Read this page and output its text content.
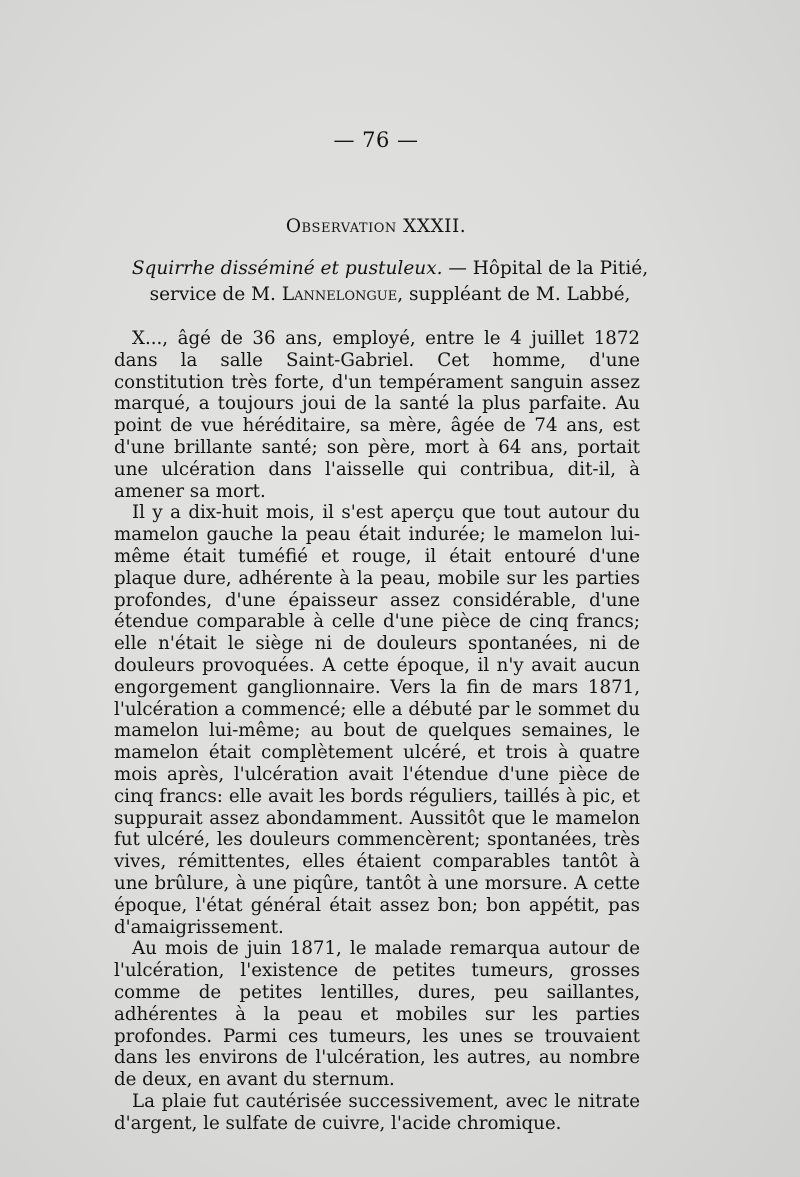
— 76 —
Observation XXXII.
Squirrhe disséminé et pustuleux. — Hôpital de la Pitié,
service de M. Lannelongue, suppléant de M. Labbé,

X..., âgé de 36 ans, employé, entre le 4 juillet 1872 dans la salle Saint-Gabriel. Cet homme, d'une constitution très forte, d'un tempérament sanguin assez marqué, a toujours joui de la santé la plus parfaite. Au point de vue héréditaire, sa mère, âgée de 74 ans, est d'une brillante santé; son père, mort à 64 ans, portait une ulcération dans l'aisselle qui contribua, dit-il, à amener sa mort.

Il y a dix-huit mois, il s'est aperçu que tout autour du mamelon gauche la peau était indurée; le mamelon lui-même était tuméfié et rouge, il était entouré d'une plaque dure, adhérente à la peau, mobile sur les parties profondes, d'une épaisseur assez considérable, d'une étendue comparable à celle d'une pièce de cinq francs; elle n'était le siège ni de douleurs spontanées, ni de douleurs provoquées. A cette époque, il n'y avait aucun engorgement ganglionnaire. Vers la fin de mars 1871, l'ulcération a commencé; elle a débuté par le sommet du mamelon lui-même; au bout de quelques semaines, le mamelon était complètement ulcéré, et trois à quatre mois après, l'ulcération avait l'étendue d'une pièce de cinq francs: elle avait les bords réguliers, taillés à pic, et suppurait assez abondamment. Aussitôt que le mamelon fut ulcéré, les douleurs commencèrent; spontanées, très vives, rémittentes, elles étaient comparables tantôt à une brûlure, à une piqûre, tantôt à une morsure. A cette époque, l'état général était assez bon; bon appétit, pas d'amaigrissement.

Au mois de juin 1871, le malade remarqua autour de l'ulcération, l'existence de petites tumeurs, grosses comme de petites lentilles, dures, peu saillantes, adhérentes à la peau et mobiles sur les parties profondes. Parmi ces tumeurs, les unes se trouvaient dans les environs de l'ulcération, les autres, au nombre de deux, en avant du sternum.

La plaie fut cautérisée successivement, avec le nitrate d'argent, le sulfate de cuivre, l'acide chromique.
